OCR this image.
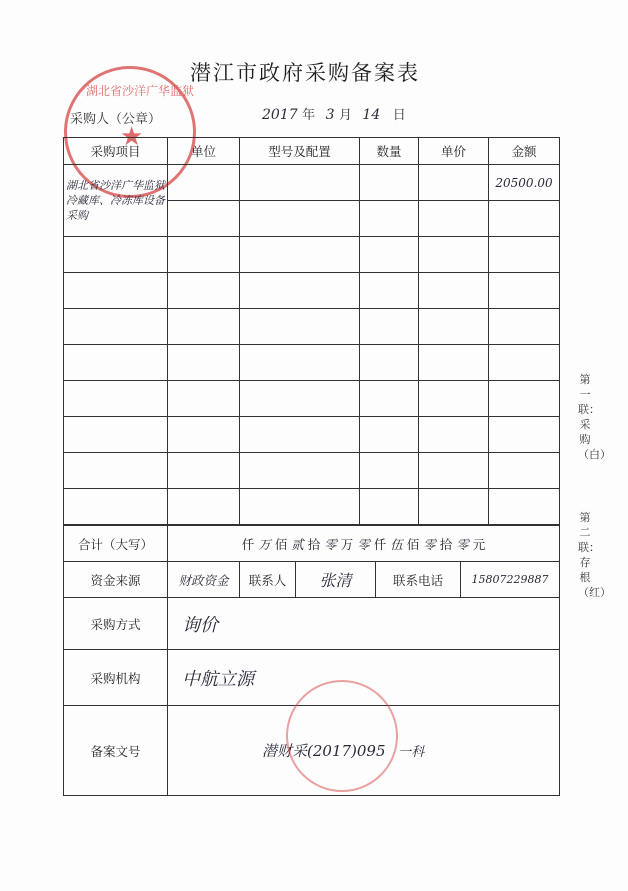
潜江市政府采购备案表
采购人（公章）	2017 年 3 月 14 日
湖北省沙洋广华监狱
★
采购项目	单位	型号及配置	数量	单价	金额
湖北省沙洋广华监狱冷藏库、冷冻库设备采购					20500.00

合计（大写）	仟 万 佰 贰 拾 零 万 零 仟 伍 佰 零 拾 零 元				
资金来源	财政资金	联系人	张清	联系电话	15807229887
采购方式	询价				
采购机构	中航立源				
备案文号	潜财采(2017)095 一科				
第一联：采购（白）
第二联：存根（红）
